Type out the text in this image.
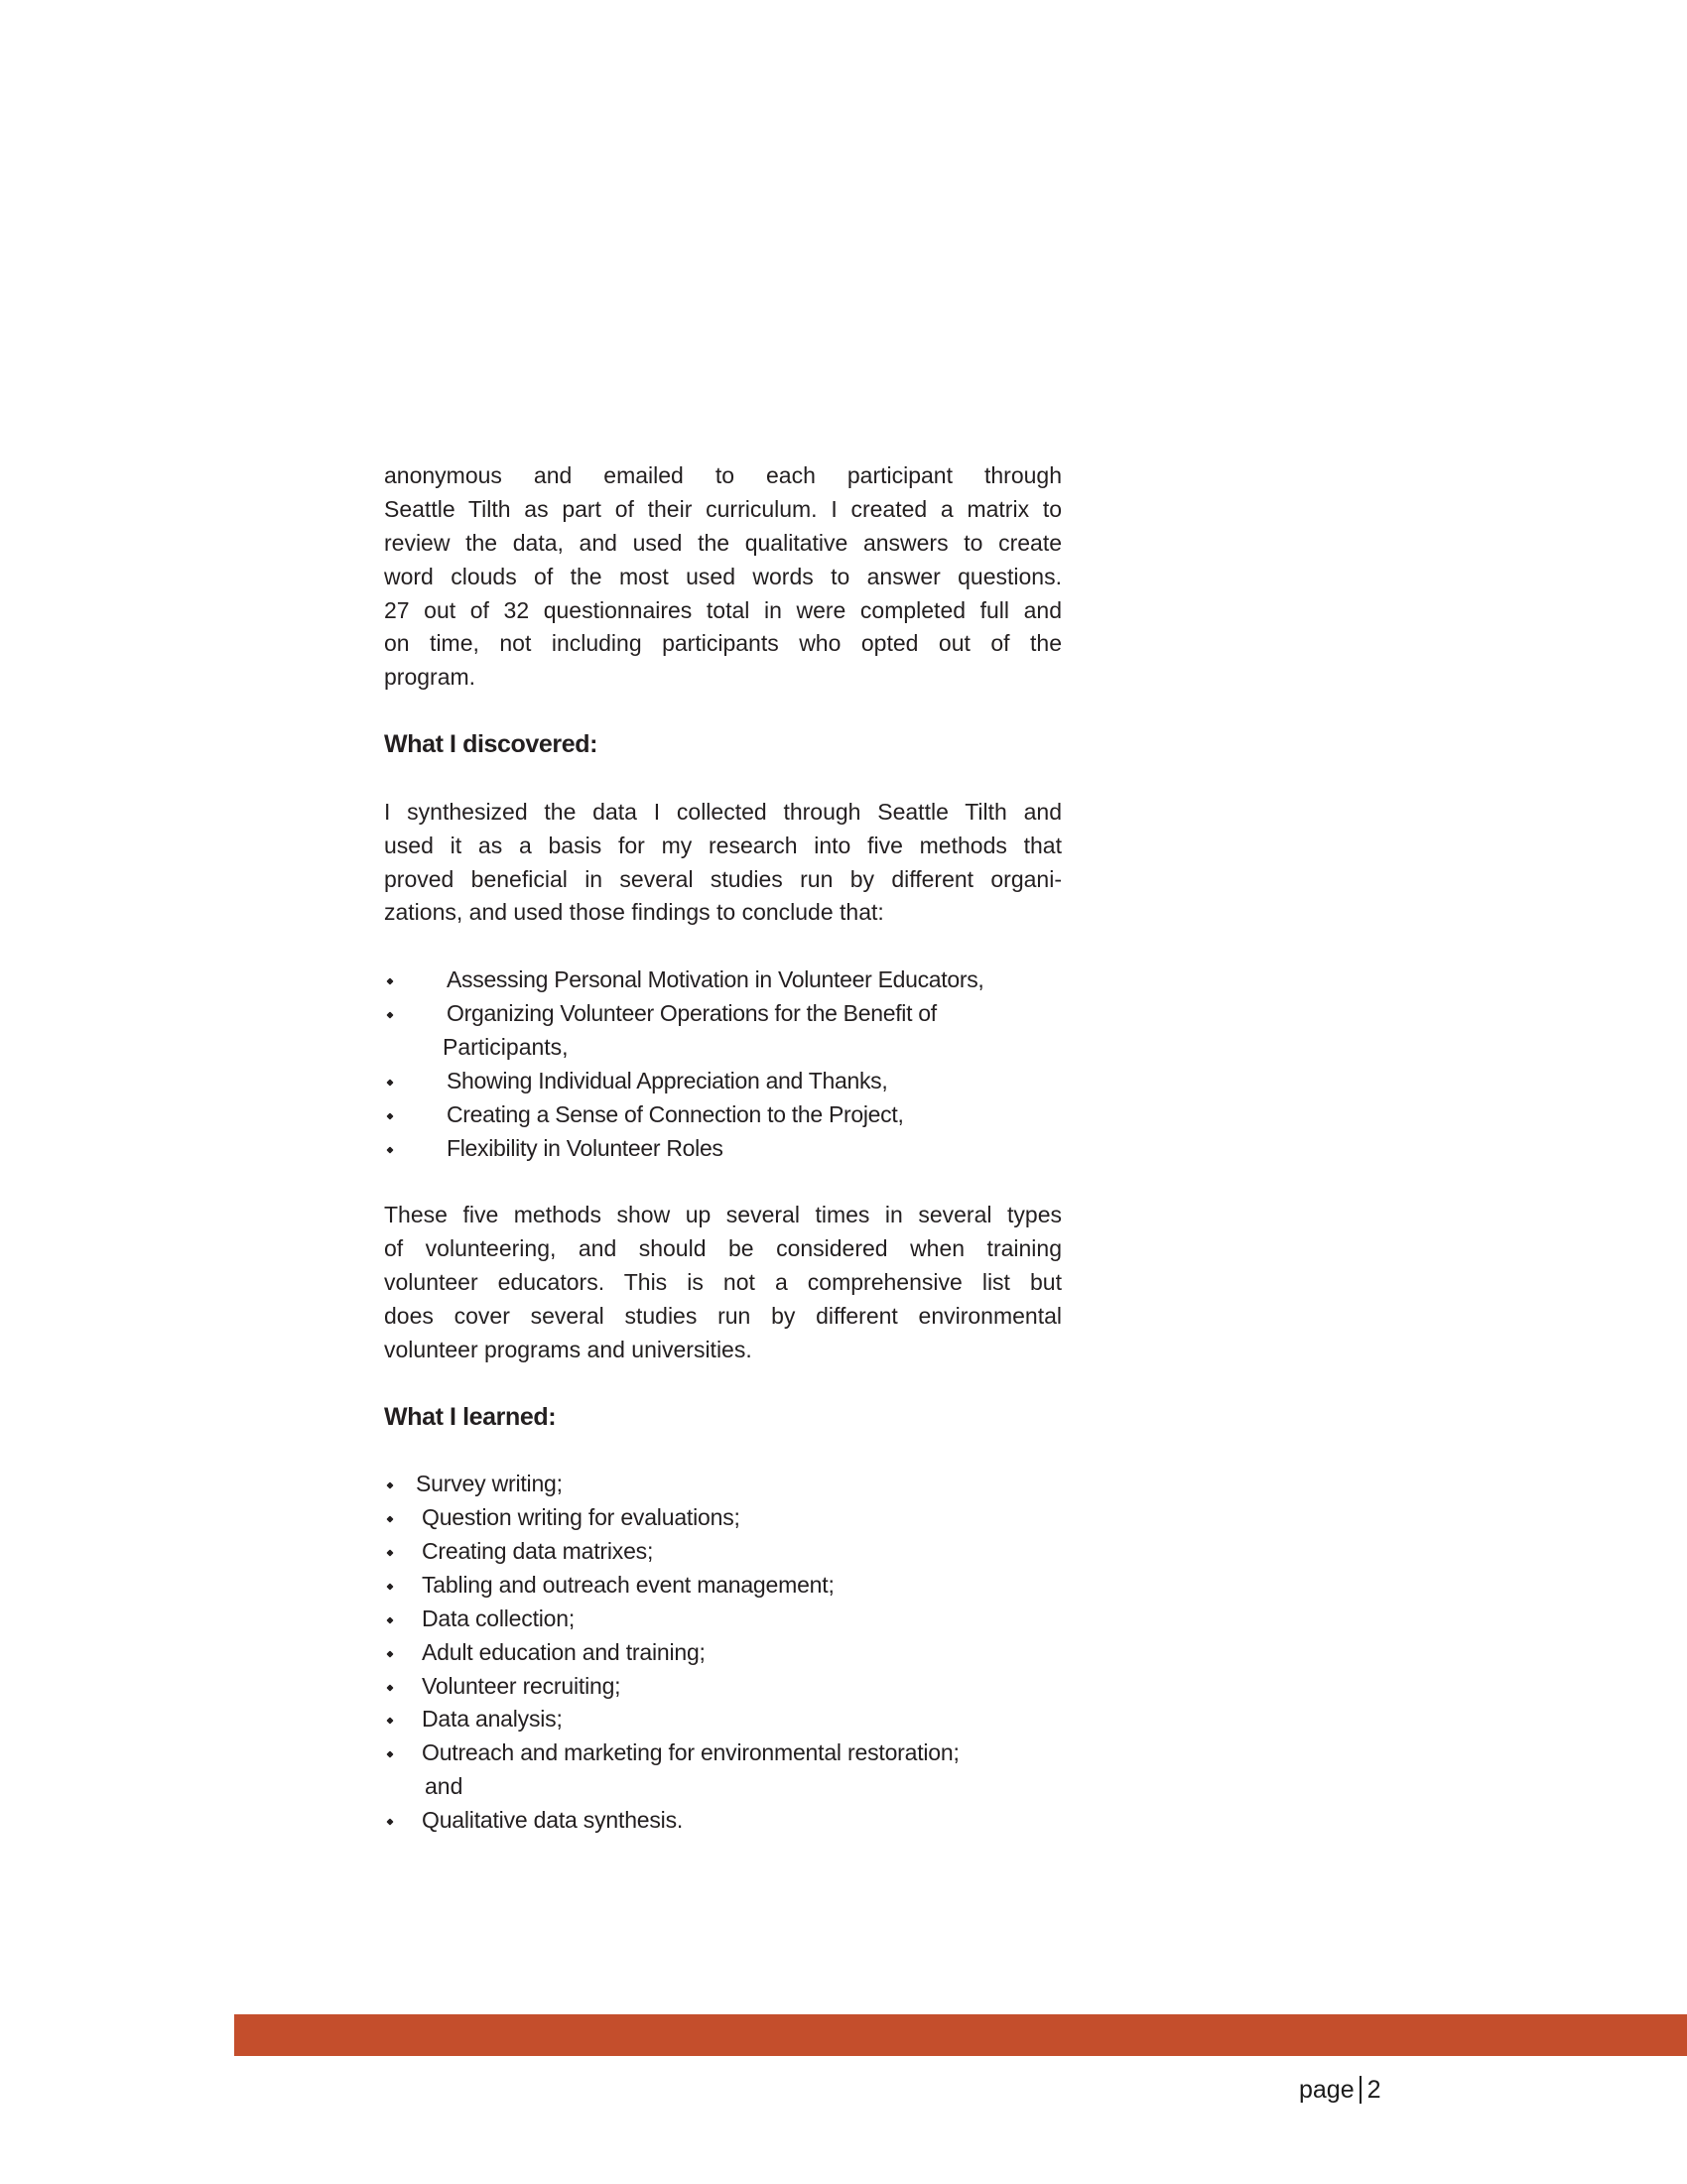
anonymous and emailed to each participant through
Seattle Tilth as part of their curriculum. I created a matrix to
review the data, and used the qualitative answers to create
word clouds of the most used words to answer questions.
27 out of 32 questionnaires total in were completed full and
on time, not including participants who opted out of the
program.
What I discovered:
I synthesized the data I collected through Seattle Tilth and
used it as a basis for my research into five methods that
proved beneficial in several studies run by different organi-
zations, and used those findings to conclude that:
Assessing Personal Motivation in Volunteer Educators,
Organizing Volunteer Operations for the Benefit of
Participants,
Showing Individual Appreciation and Thanks,
Creating a Sense of Connection to the Project,
Flexibility in Volunteer Roles
These five methods show up several times in several types
of volunteering, and should be considered when training
volunteer educators. This is not a comprehensive list but
does cover several studies run by different environmental
volunteer programs and universities.
What I learned:
Survey writing;
Question writing for evaluations;
Creating data matrixes;
Tabling and outreach event management;
Data collection;
Adult education and training;
Volunteer recruiting;
Data analysis;
Outreach and marketing for environmental restoration;
and
Qualitative data synthesis.
page 2
